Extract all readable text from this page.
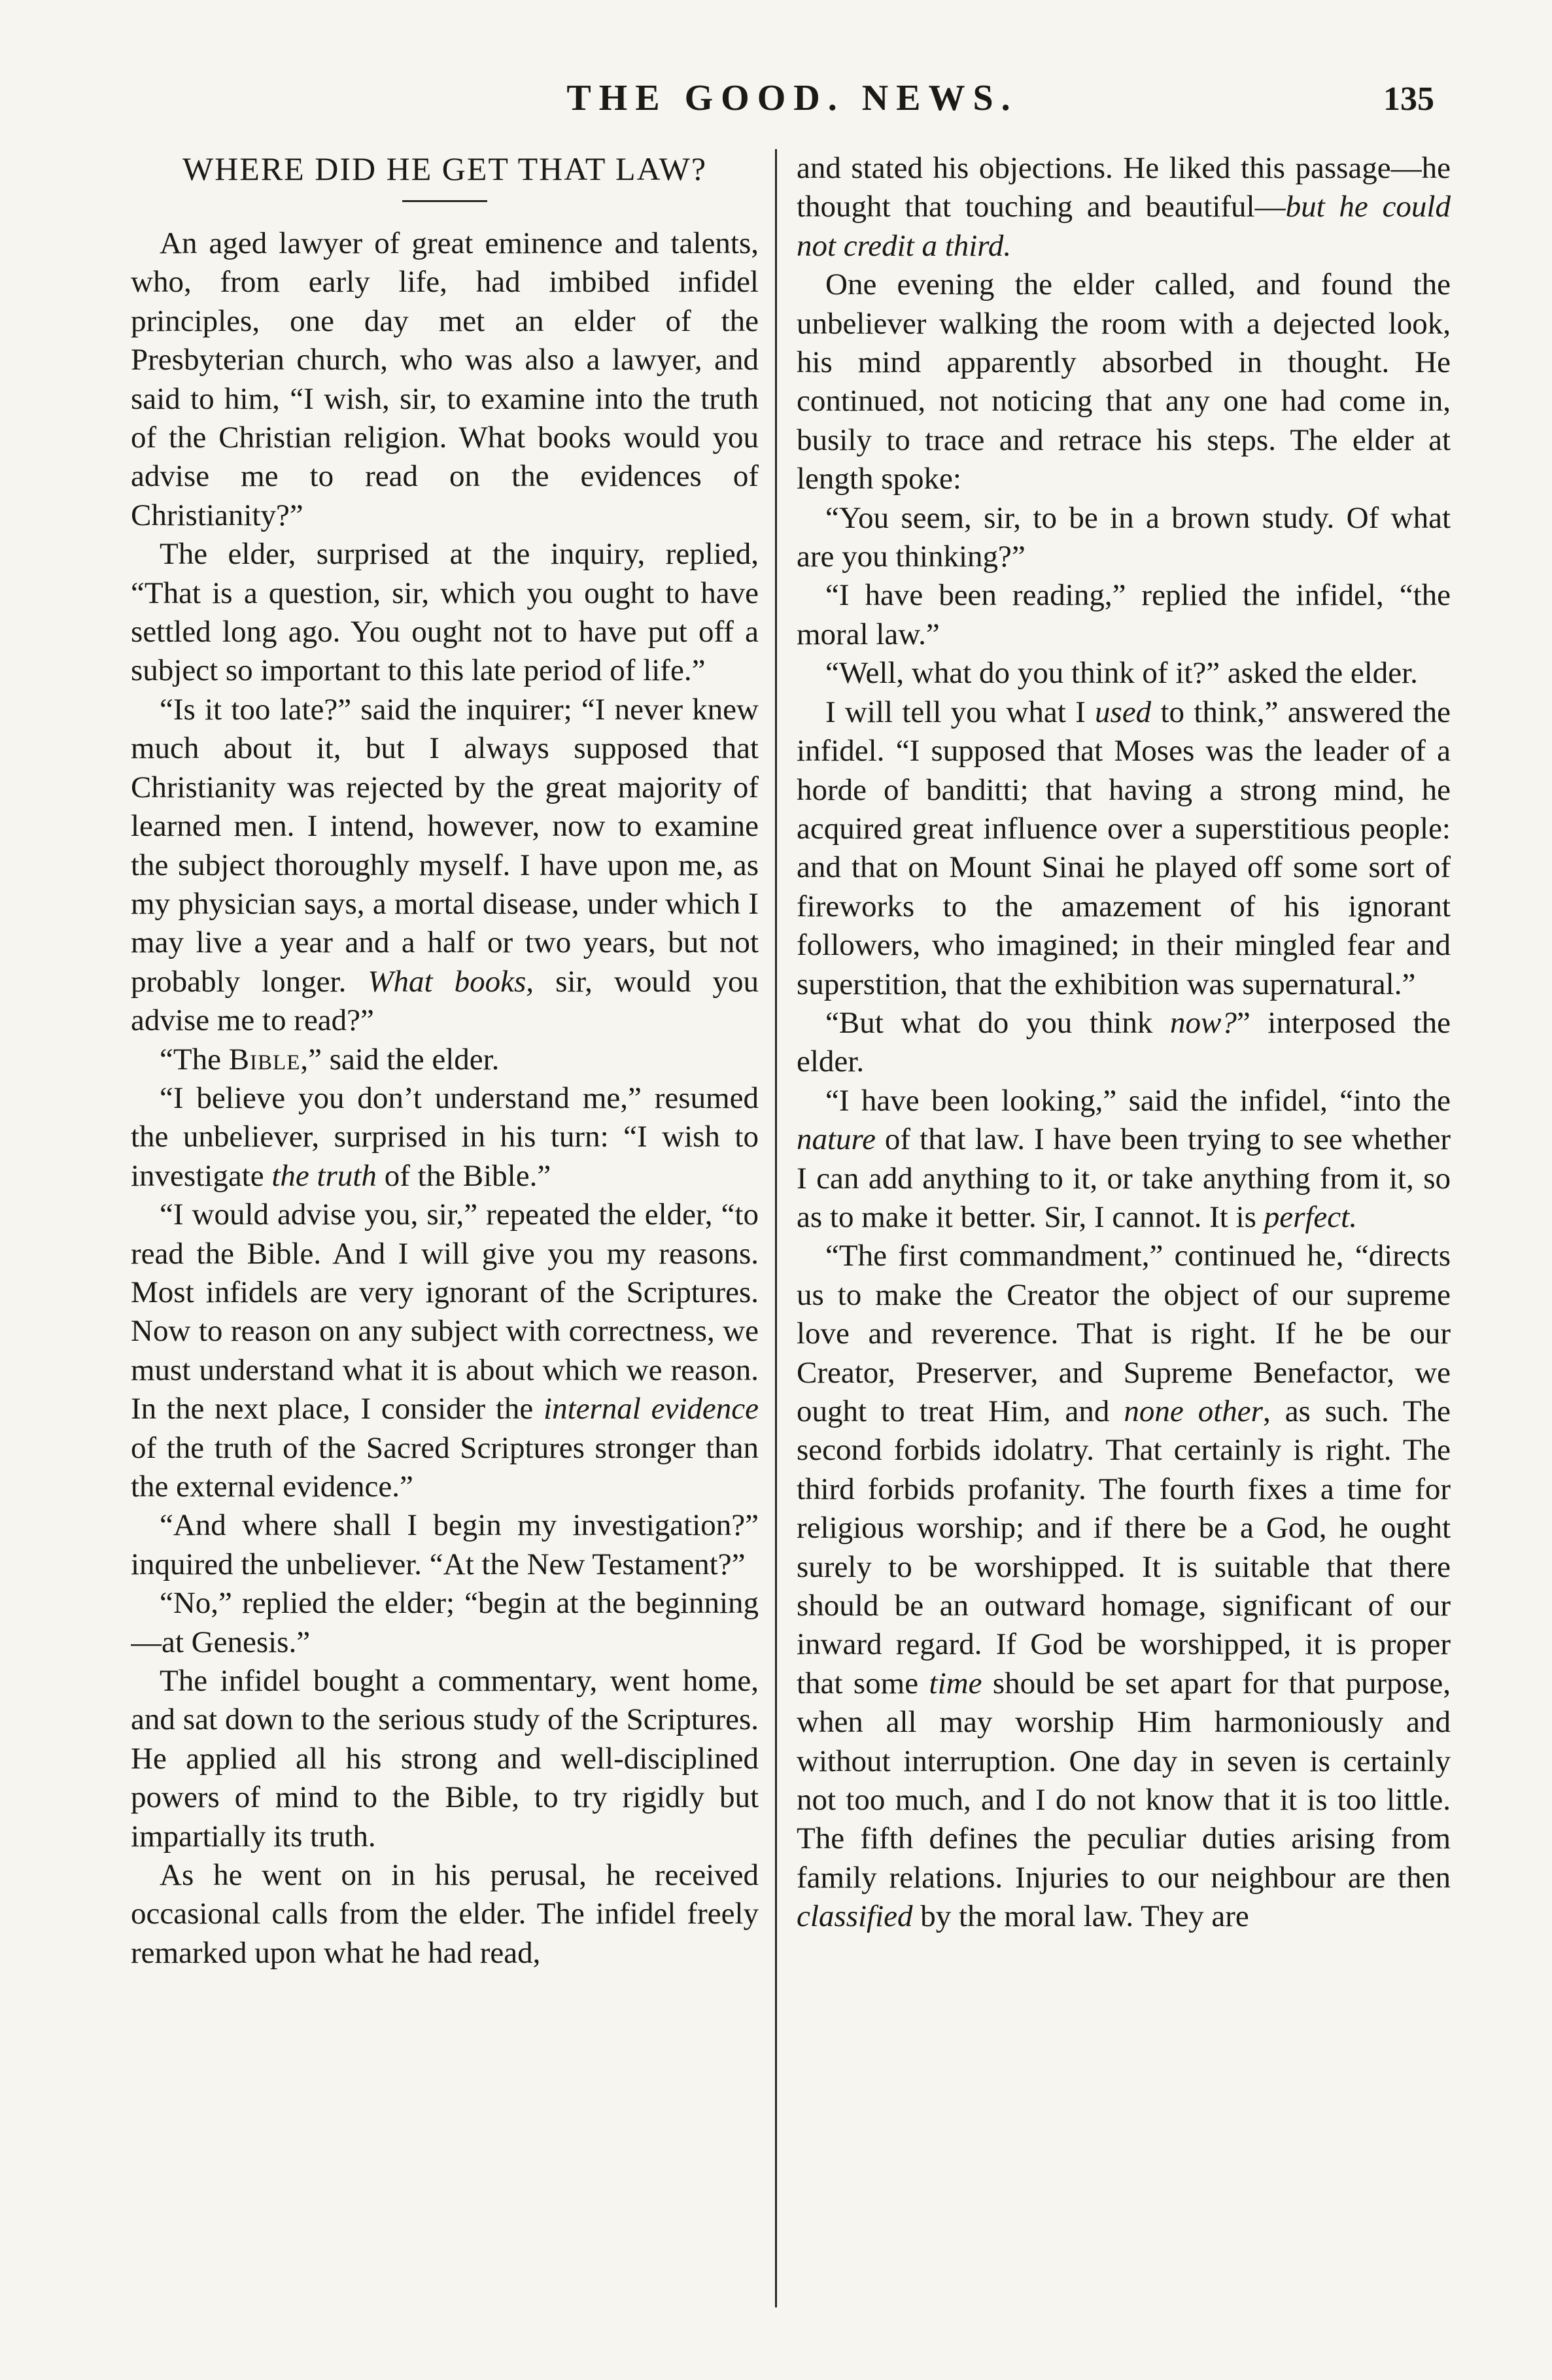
THE GOOD. NEWS.	135
WHERE DID HE GET THAT LAW?

An aged lawyer of great eminence and talents, who, from early life, had imbibed infidel principles, one day met an elder of the Presbyterian church, who was also a lawyer, and said to him, “I wish, sir, to examine into the truth of the Christian religion. What books would you advise me to read on the evidences of Christianity?”

The elder, surprised at the inquiry, replied, “That is a question, sir, which you ought to have settled long ago. You ought not to have put off a subject so important to this late period of life.”

“Is it too late?” said the inquirer; “I never knew much about it, but I always supposed that Christianity was rejected by the great majority of learned men. I intend, however, now to examine the subject thoroughly myself. I have upon me, as my physician says, a mortal disease, under which I may live a year and a half or two years, but not probably longer. What books, sir, would you advise me to read?”

“The Bible,” said the elder.

“I believe you don’t understand me,” resumed the unbeliever, surprised in his turn: “I wish to investigate the truth of the Bible.”

“I would advise you, sir,” repeated the elder, “to read the Bible. And I will give you my reasons. Most infidels are very ignorant of the Scriptures. Now to reason on any subject with correctness, we must understand what it is about which we reason. In the next place, I consider the internal evidence of the truth of the Sacred Scriptures stronger than the external evidence.”

“And where shall I begin my investigation?” inquired the unbeliever. “At the New Testament?”

“No,” replied the elder; “begin at the beginning—at Genesis.”

The infidel bought a commentary, went home, and sat down to the serious study of the Scriptures. He applied all his strong and well-disciplined powers of mind to the Bible, to try rigidly but impartially its truth.

As he went on in his perusal, he received occasional calls from the elder. The infidel freely remarked upon what he had read,

and stated his objections. He liked this passage—he thought that touching and beautiful—but he could not credit a third.

One evening the elder called, and found the unbeliever walking the room with a dejected look, his mind apparently absorbed in thought. He continued, not noticing that any one had come in, busily to trace and retrace his steps. The elder at length spoke:

“You seem, sir, to be in a brown study. Of what are you thinking?”

“I have been reading,” replied the infidel, “the moral law.”

“Well, what do you think of it?” asked the elder.

I will tell you what I used to think,” answered the infidel. “I supposed that Moses was the leader of a horde of banditti; that having a strong mind, he acquired great influence over a superstitious people: and that on Mount Sinai he played off some sort of fireworks to the amazement of his ignorant followers, who imagined; in their mingled fear and superstition, that the exhibition was supernatural.”

“But what do you think now?” interposed the elder.

“I have been looking,” said the infidel, “into the nature of that law. I have been trying to see whether I can add anything to it, or take anything from it, so as to make it better. Sir, I cannot. It is perfect.

“The first commandment,” continued he, “directs us to make the Creator the object of our supreme love and reverence. That is right. If he be our Creator, Preserver, and Supreme Benefactor, we ought to treat Him, and none other, as such. The second forbids idolatry. That certainly is right. The third forbids profanity. The fourth fixes a time for religious worship; and if there be a God, he ought surely to be worshipped. It is suitable that there should be an outward homage, significant of our inward regard. If God be worshipped, it is proper that some time should be set apart for that purpose, when all may worship Him harmoniously and without interruption. One day in seven is certainly not too much, and I do not know that it is too little. The fifth defines the peculiar duties arising from family relations. Injuries to our neighbour are then classified by the moral law. They are
